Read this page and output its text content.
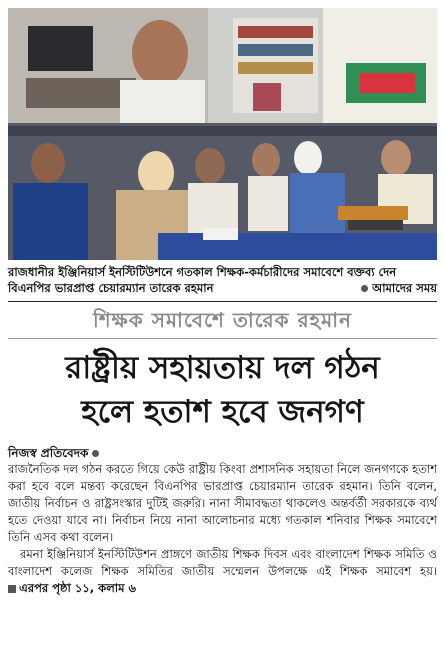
রাজধানীর ইঞ্জিনিয়ার্স ইনস্টিটিউশনে গতকাল শিক্ষক-কর্মচারীদের সমাবেশে বক্তব্য দেন বিএনপির ভারপ্রাপ্ত চেয়ারম্যান তারেক রহমান	আমাদের সময়
শিক্ষক সমাবেশে তারেক রহমান
রাষ্ট্রীয় সহায়তায় দল গঠন
হলে হতাশ হবে জনগণ
নিজস্ব প্রতিবেদক

রাজনৈতিক দল গঠন করতে গিয়ে কেউ রাষ্ট্রীয় কিংবা প্রশাসনিক সহায়তা নিলে জনগণকে হতাশ করা হবে বলে মন্তব্য করেছেন বিএনপির ভারপ্রাপ্ত চেয়ারম্যান তারেক রহমান। তিনি বলেন, জাতীয় নির্বাচন ও রাষ্ট্রসংস্কার দুটিই জরুরি। নানা সীমাবদ্ধতা থাকলেও অন্তর্বর্তী সরকারকে ব্যর্থ হতে দেওয়া যাবে না। নির্বাচন নিয়ে নানা আলোচনার মধ্যে গতকাল শনিবার শিক্ষক সমাবেশে তিনি এসব কথা বলেন।

রমনা ইঞ্জিনিয়ার্স ইনস্টিটিউশন প্রাঙ্গণে জাতীয় শিক্ষক দিবস এবং বাংলাদেশ শিক্ষক সমিতি ও বাংলাদেশ কলেজ শিক্ষক সমিতির জাতীয় সম্মেলন উপলক্ষে এই শিক্ষক সমাবেশ হয়। এরপর পৃষ্ঠা ১১, কলাম ৬
